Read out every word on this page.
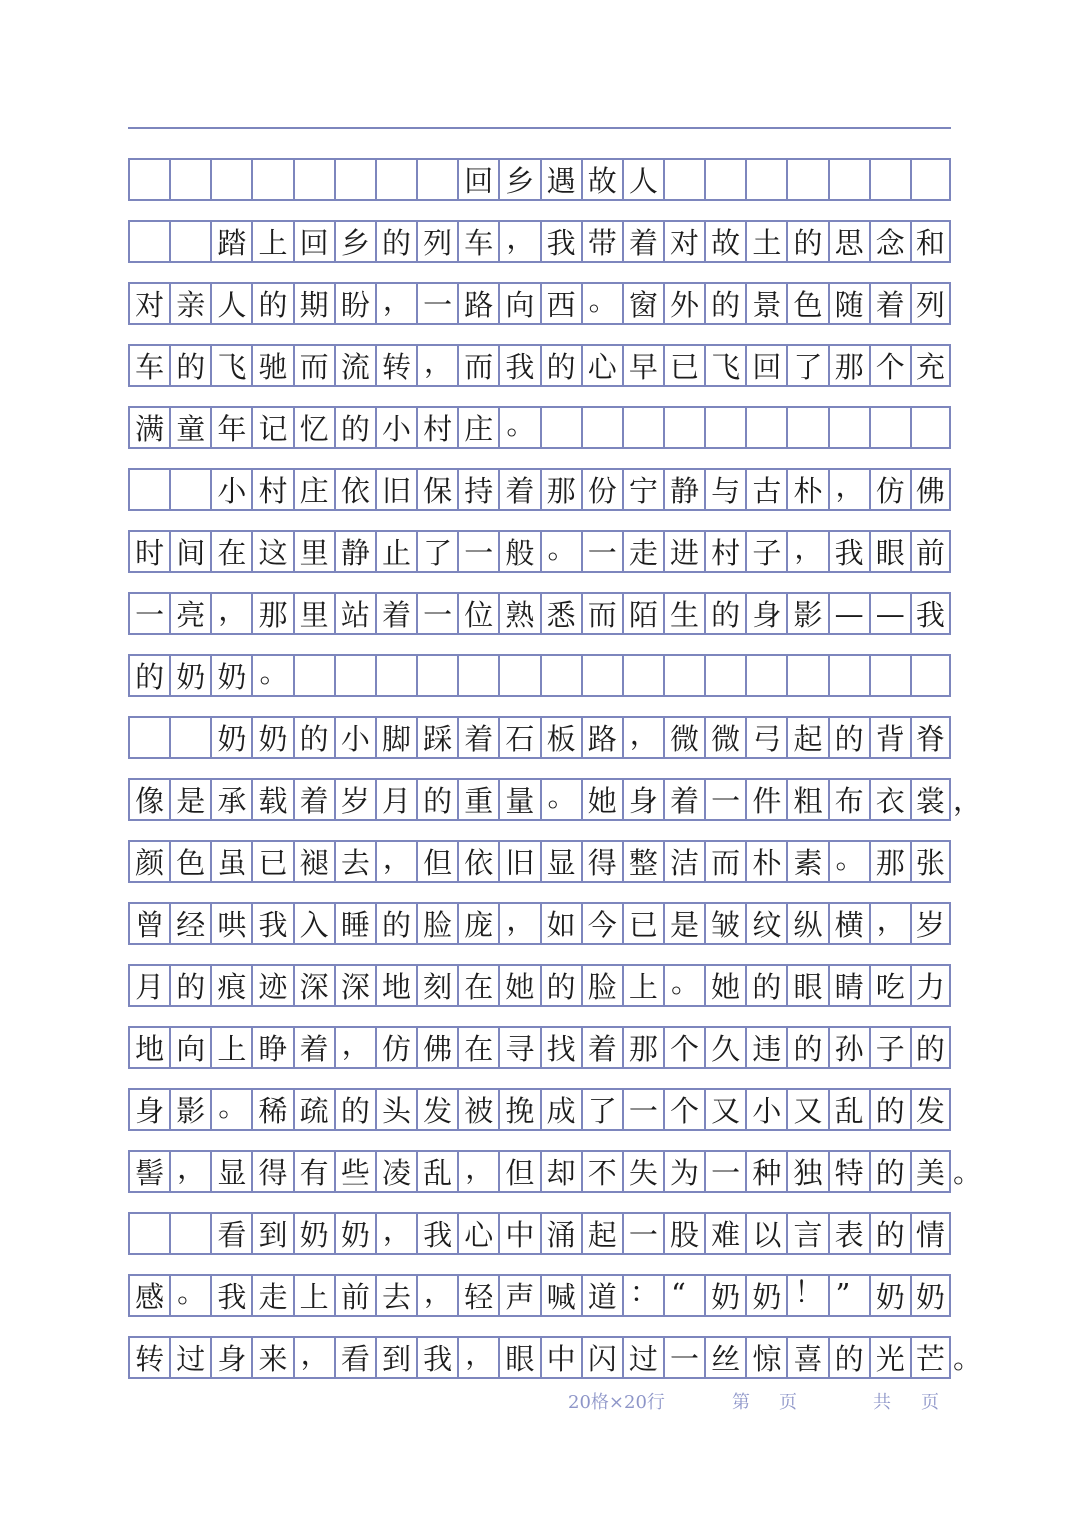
回 乡 遇 故 人
踏 上 回 乡 的 列 车 ， 我 带 着 对 故 土 的 思 念 和
对 亲 人 的 期 盼 ， 一 路 向 西 。 窗 外 的 景 色 随 着 列
车 的 飞 驰 而 流 转 ， 而 我 的 心 早 已 飞 回 了 那 个 充
满 童 年 记 忆 的 小 村 庄 。
小 村 庄 依 旧 保 持 着 那 份 宁 静 与 古 朴 ， 仿 佛
时 间 在 这 里 静 止 了 一 般 。 一 走 进 村 子 ， 我 眼 前
一 亮 ， 那 里 站 着 一 位 熟 悉 而 陌 生 的 身 影 — — 我
的 奶 奶 。
奶 奶 的 小 脚 踩 着 石 板 路 ， 微 微 弓 起 的 背 脊
像 是 承 载 着 岁 月 的 重 量 。 她 身 着 一 件 粗 布 衣 裳 ，
颜 色 虽 已 褪 去 ， 但 依 旧 显 得 整 洁 而 朴 素 。 那 张
曾 经 哄 我 入 睡 的 脸 庞 ， 如 今 已 是 皱 纹 纵 横 ， 岁
月 的 痕 迹 深 深 地 刻 在 她 的 脸 上 。 她 的 眼 睛 吃 力
地 向 上 睁 着 ， 仿 佛 在 寻 找 着 那 个 久 违 的 孙 子 的
身 影 。 稀 疏 的 头 发 被 挽 成 了 一 个 又 小 又 乱 的 发
髻 ， 显 得 有 些 凌 乱 ， 但 却 不 失 为 一 种 独 特 的 美 。
看 到 奶 奶 ， 我 心 中 涌 起 一 股 难 以 言 表 的 情
感 。 我 走 上 前 去 ， 轻 声 喊 道 ： “ 奶 奶 ！ ” 奶 奶
转 过 身 来 ， 看 到 我 ， 眼 中 闪 过 一 丝 惊 喜 的 光 芒 。
20格×20行	第 页	共 页
